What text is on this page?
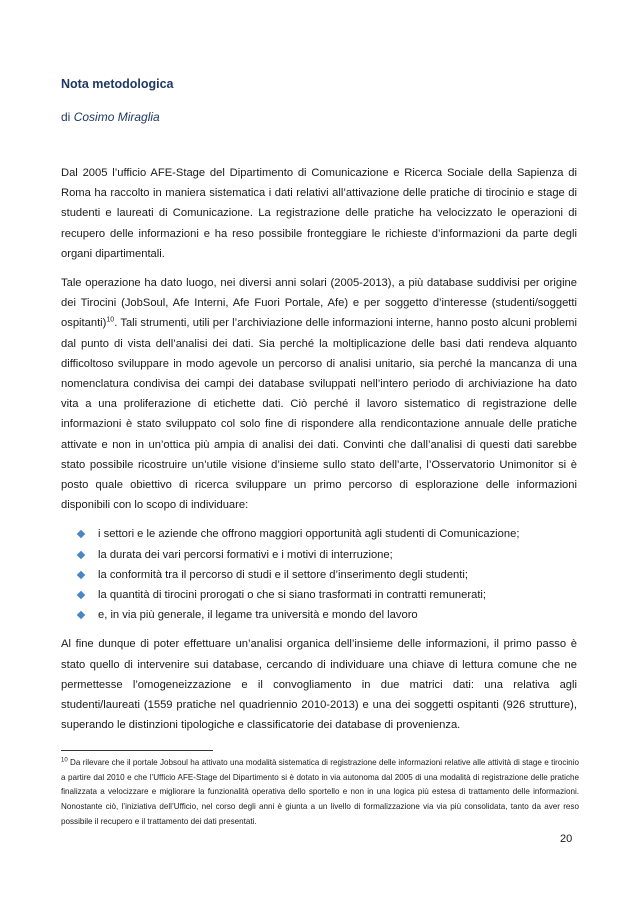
Nota metodologica
di Cosimo Miraglia

Dal 2005 l’ufficio AFE-Stage del Dipartimento di Comunicazione e Ricerca Sociale della Sapienza di Roma ha raccolto in maniera sistematica i dati relativi all’attivazione delle pratiche di tirocinio e stage di studenti e laureati di Comunicazione. La registrazione delle pratiche ha velocizzato le operazioni di recupero delle informazioni e ha reso possibile fronteggiare le richieste d’informazioni da parte degli organi dipartimentali.

Tale operazione ha dato luogo, nei diversi anni solari (2005-2013), a più database suddivisi per origine dei Tirocini (JobSoul, Afe Interni, Afe Fuori Portale, Afe) e per soggetto d’interesse (studenti/soggetti ospitanti)$^{10}$. Tali strumenti, utili per l’archiviazione delle informazioni interne, hanno posto alcuni problemi dal punto di vista dell’analisi dei dati. Sia perché la moltiplicazione delle basi dati rendeva alquanto difficoltoso sviluppare in modo agevole un percorso di analisi unitario, sia perché la mancanza di una nomenclatura condivisa dei campi dei database sviluppati nell’intero periodo di archiviazione ha dato vita a una proliferazione di etichette dati. Ciò perché il lavoro sistematico di registrazione delle informazioni è stato sviluppato col solo fine di rispondere alla rendicontazione annuale delle pratiche attivate e non in un’ottica più ampia di analisi dei dati. Convinti che dall’analisi di questi dati sarebbe stato possibile ricostruire un’utile visione d’insieme sullo stato dell’arte, l’Osservatorio Unimonitor si è posto quale obiettivo di ricerca sviluppare un primo percorso di esplorazione delle informazioni disponibili con lo scopo di individuare:

i settori e le aziende che offrono maggiori opportunità agli studenti di Comunicazione;
la durata dei vari percorsi formativi e i motivi di interruzione;
la conformità tra il percorso di studi e il settore d’inserimento degli studenti;
la quantità di tirocini prorogati o che si siano trasformati in contratti remunerati;
e, in via più generale, il legame tra università e mondo del lavoro

Al fine dunque di poter effettuare un’analisi organica dell’insieme delle informazioni, il primo passo è stato quello di intervenire sui database, cercando di individuare una chiave di lettura comune che ne permettesse l’omogeneizzazione e il convogliamento in due matrici dati: una relativa agli studenti/laureati (1559 pratiche nel quadriennio 2010-2013) e una dei soggetti ospitanti (926 strutture), superando le distinzioni tipologiche e classificatorie dei database di provenienza.

$^{10}$ Da rilevare che il portale Jobsoul ha attivato una modalità sistematica di registrazione delle informazioni relative alle attività di stage e tirocinio a partire dal 2010 e che l’Ufficio AFE-Stage del Dipartimento si è dotato in via autonoma dal 2005 di una modalità di registrazione delle pratiche finalizzata a velocizzare e migliorare la funzionalità operativa dello sportello e non in una logica più estesa di trattamento delle informazioni. Nonostante ciò, l’iniziativa dell’Ufficio, nel corso degli anni è giunta a un livello di formalizzazione via via più consolidata, tanto da aver reso possibile il recupero e il trattamento dei dati presentati.
20
